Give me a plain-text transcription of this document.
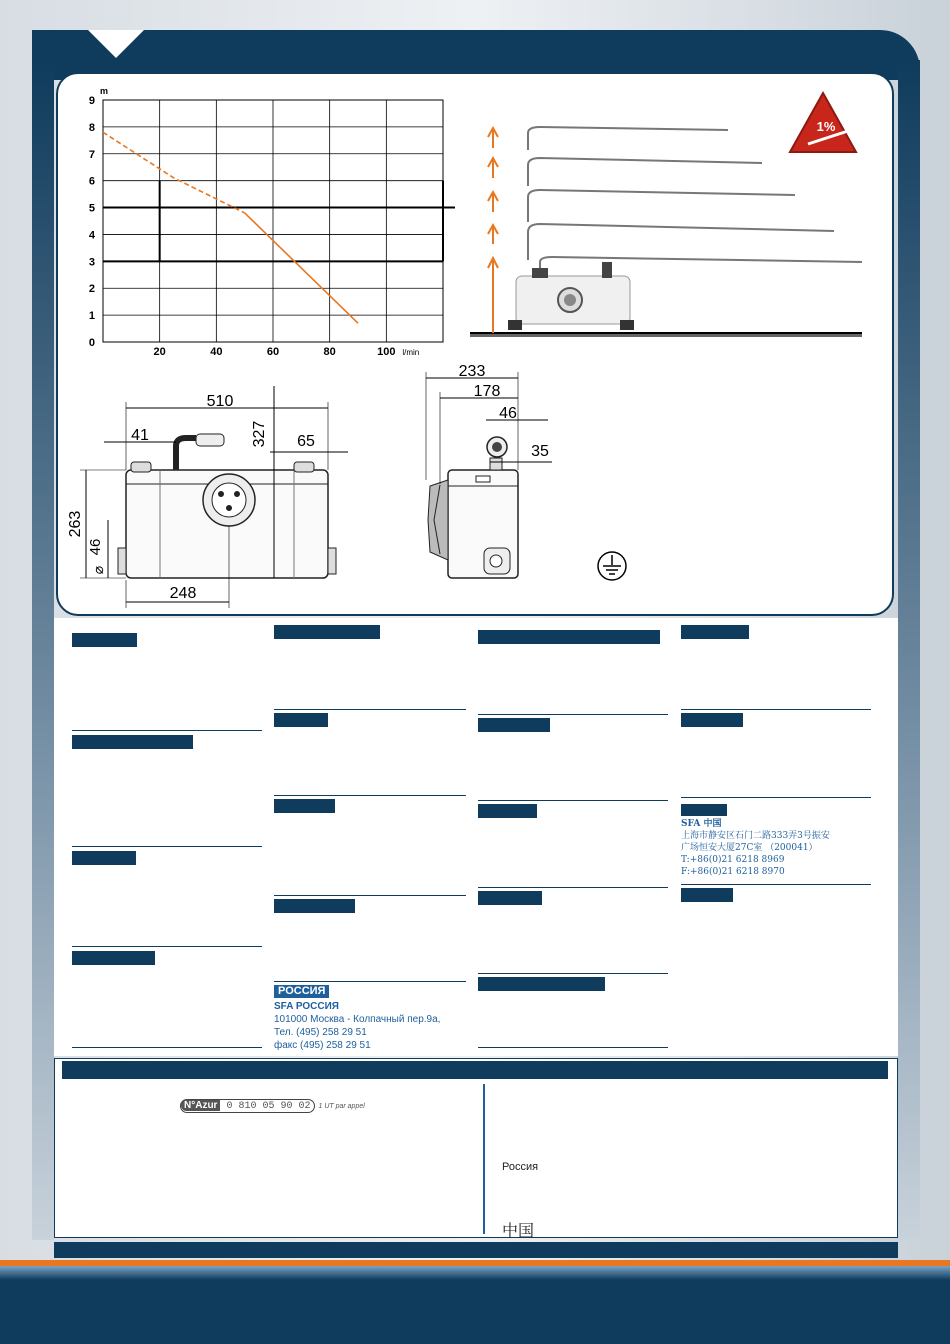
m
0
1
2
3
4
5
6
7
8
9
20	40	60	80	100 l/min
1%
510
41	327 65
263
⌀
46
248
233
178
46
35
РОССИЯ
SFA РОССИЯ
101000 Москва - Колпачный пер.9а,
Тел. (495) 258 29 51
факс (495) 258 29 51
SFA 中国
上海市静安区石门二路333弄3号振安
广场恒安大厦27C室 （200041）
T:+86(0)21 6218 8969
F:+86(0)21 6218 8970
N°Azur 0 810 05 90 02 1 UT par appel
Россия
中国
